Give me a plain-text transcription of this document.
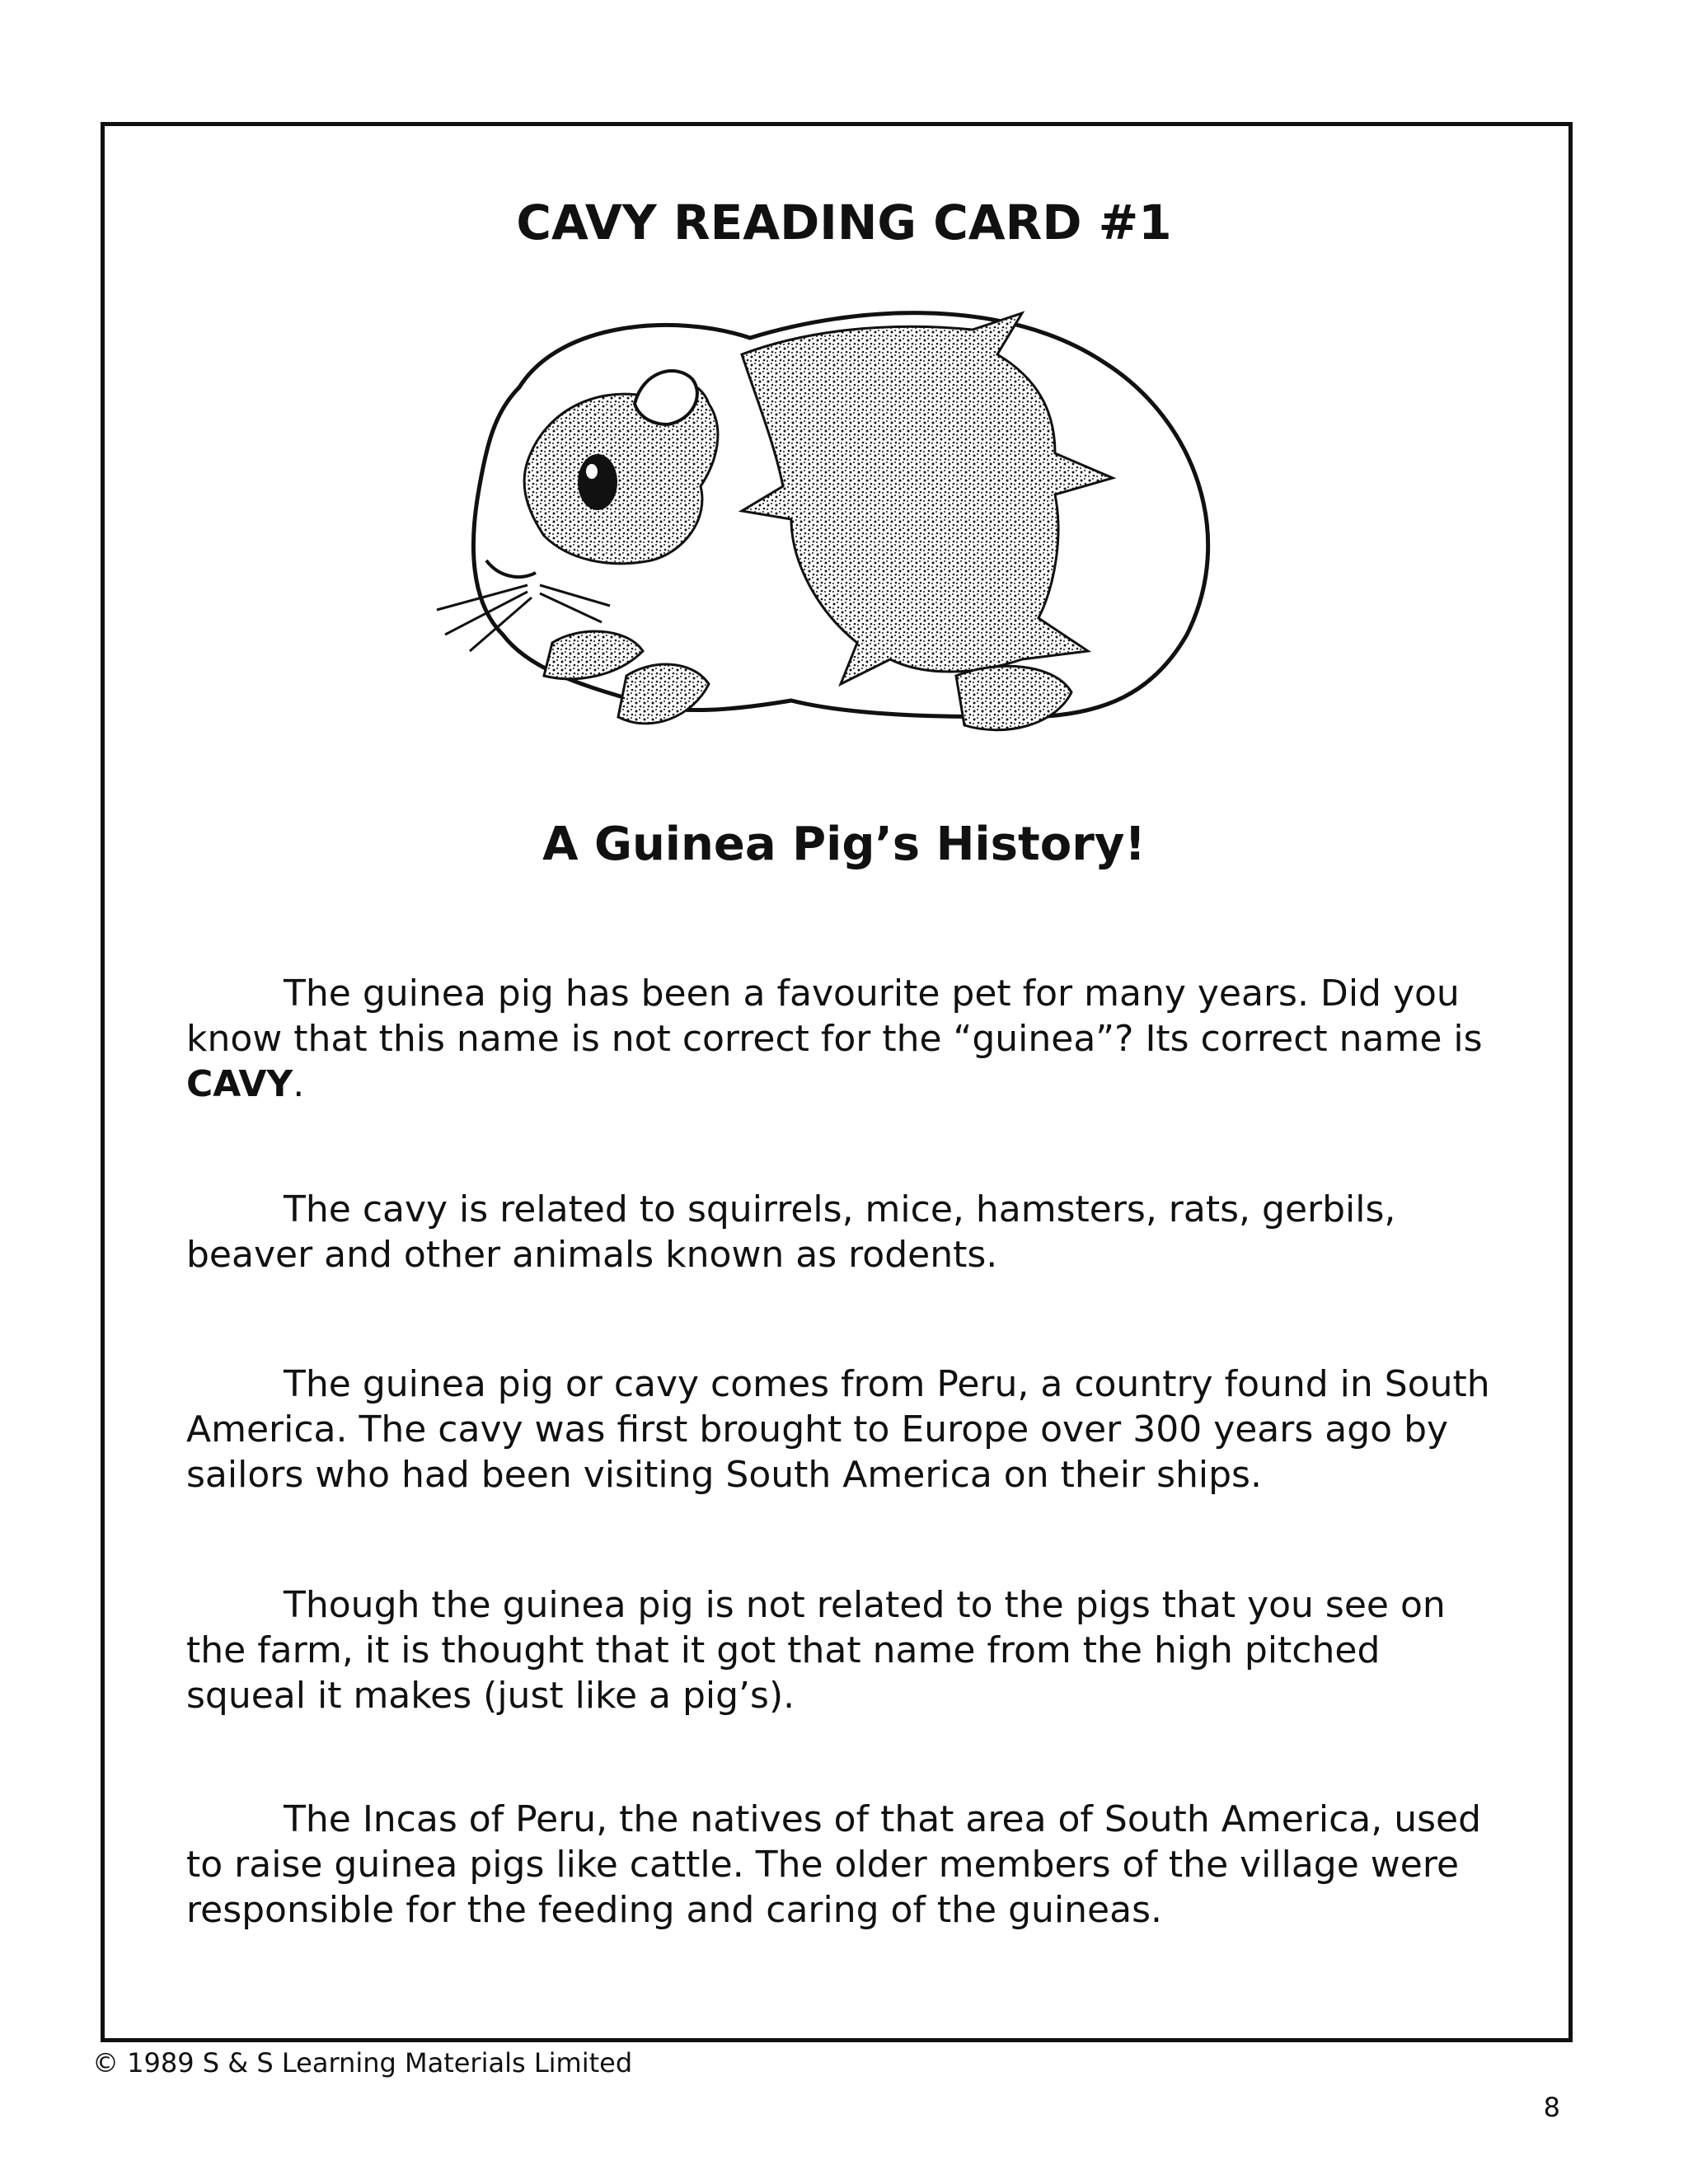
CAVY READING CARD #1
A Guinea Pig’s History!

The guinea pig has been a favourite pet for many years. Did you know that this name is not correct for the “guinea”? Its correct name is CAVY.

The cavy is related to squirrels, mice, hamsters, rats, gerbils, beaver and other animals known as rodents.

The guinea pig or cavy comes from Peru, a country found in South America. The cavy was first brought to Europe over 300 years ago by sailors who had been visiting South America on their ships.

Though the guinea pig is not related to the pigs that you see on the farm, it is thought that it got that name from the high pitched squeal it makes (just like a pig’s).

The Incas of Peru, the natives of that area of South America, used to raise guinea pigs like cattle. The older members of the village were responsible for the feeding and caring of the guineas.

© 1989 S & S Learning Materials Limited
8
